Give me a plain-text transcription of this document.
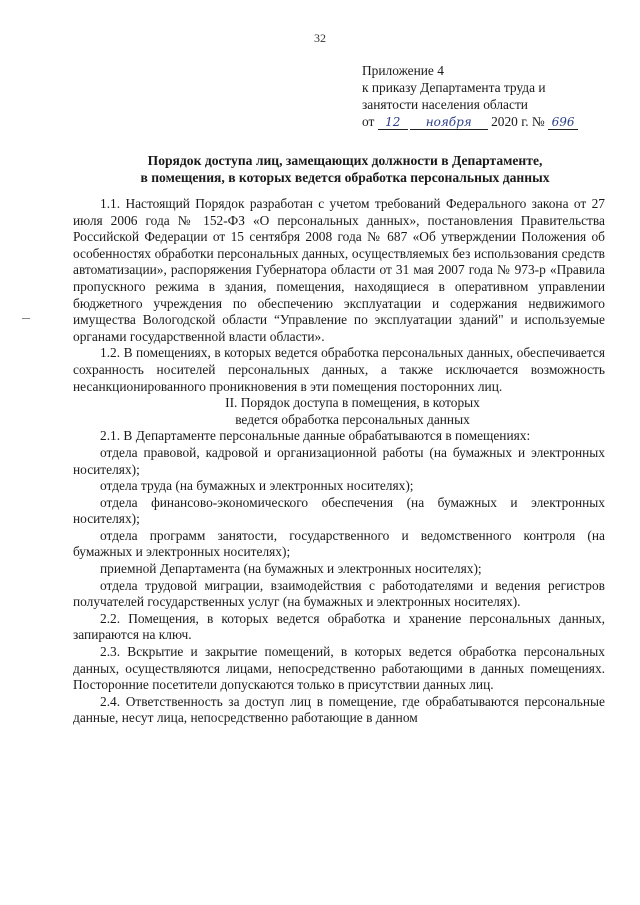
32
Приложение 4
к приказу Департамента труда и
занятости населения области
от 12 ноября 2020 г. № 696
Порядок доступа лиц, замещающих должности в Департаменте,
в помещения, в которых ведется обработка персональных данных

1.1. Настоящий Порядок разработан с учетом требований Федерального закона от 27 июля 2006 года № 152-ФЗ «О персональных данных», постановления Правительства Российской Федерации от 15 сентября 2008 года № 687 «Об утверждении Положения об особенностях обработки персональных данных, осуществляемых без использования средств автоматизации», распоряжения Губернатора области от 31 мая 2007 года № 973-р «Правила пропускного режима в здания, помещения, находящиеся в оперативном управлении бюджетного учреждения по обеспечению эксплуатации и содержания недвижимого имущества Вологодской области “Управление по эксплуатации зданий" и используемые органами государственной власти области».

1.2. В помещениях, в которых ведется обработка персональных данных, обеспечивается сохранность носителей персональных данных, а также исключается возможность несанкционированного проникновения в эти помещения посторонних лиц.

II. Порядок доступа в помещения, в которых

ведется обработка персональных данных

2.1. В Департаменте персональные данные обрабатываются в помещениях:

отдела правовой, кадровой и организационной работы (на бумажных и электронных носителях);

отдела труда (на бумажных и электронных носителях);

отдела финансово-экономического обеспечения (на бумажных и электронных носителях);

отдела программ занятости, государственного и ведомственного контроля (на бумажных и электронных носителях);

приемной Департамента (на бумажных и электронных носителях);

отдела трудовой миграции, взаимодействия с работодателями и ведения регистров получателей государственных услуг (на бумажных и электронных носителях).

2.2. Помещения, в которых ведется обработка и хранение персональных данных, запираются на ключ.

2.3. Вскрытие и закрытие помещений, в которых ведется обработка персональных данных, осуществляются лицами, непосредственно работающими в данных помещениях. Посторонние посетители допускаются только в присутствии данных лиц.

2.4. Ответственность за доступ лиц в помещение, где обрабатываются персональные данные, несут лица, непосредственно работающие в данном
